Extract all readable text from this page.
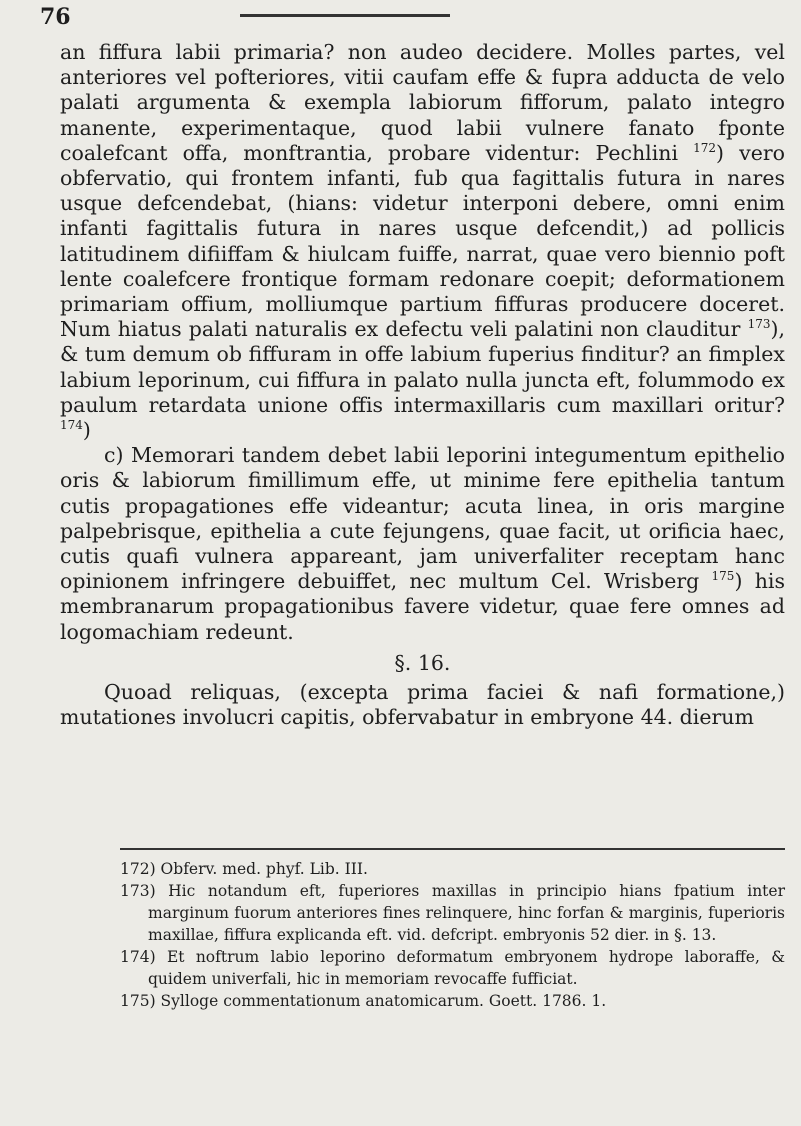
76

an fiffura labii primaria? non audeo decidere. Molles partes, vel anteriores vel pofteriores, vitii caufam effe & fupra adducta de velo palati argumenta & exempla labiorum fifforum, palato integro manente, experimentaque, quod labii vulnere fanato fponte coalefcant offa, monftrantia, probare videntur: Pechlini $^{172}$) vero obfervatio, qui frontem infanti, fub qua fagittalis futura in nares usque defcendebat, (hians: videtur interponi debere, omni enim infanti fagittalis futura in nares usque defcendit,) ad pollicis latitudinem difiiffam & hiulcam fuiffe, narrat, quae vero biennio poft lente coalefcere frontique formam redonare coepit; deformationem primariam offium, molliumque partium fiffuras producere doceret. Num hiatus palati naturalis ex defectu veli palatini non clauditur $^{173}$), & tum demum ob fiffuram in offe labium fuperius finditur? an fimplex labium leporinum, cui fiffura in palato nulla juncta eft, folummodo ex paulum retardata unione offis intermaxillaris cum maxillari oritur? $^{174}$)

c) Memorari tandem debet labii leporini integumentum epithelio oris & labiorum fimillimum effe, ut minime fere epithelia tantum cutis propagationes effe videantur; acuta linea, in oris margine palpebrisque, epithelia a cute fejungens, quae facit, ut orificia haec, cutis quafi vulnera appareant, jam univerfaliter receptam hanc opinionem infringere debuiffet, nec multum Cel. Wrisberg $^{175}$) his membranarum propagationibus favere videtur, quae fere omnes ad logomachiam redeunt.

§. 16.

Quoad reliquas, (excepta prima faciei & nafi formatione,) mutationes involucri capitis, obfervabatur in embryone 44. dierum

172) Obferv. med. phyf. Lib. III.

173) Hic notandum eft, fuperiores maxillas in principio hians fpatium inter marginum fuorum anteriores fines relinquere, hinc forfan & marginis, fuperioris maxillae, fiffura explicanda eft. vid. defcript. embryonis 52 dier. in §. 13.

174) Et noftrum labio leporino deformatum embryonem hydrope laboraffe, & quidem univerfali, hic in memoriam revocaffe fufficiat.

175) Sylloge commentationum anatomicarum. Goett. 1786. 1.
